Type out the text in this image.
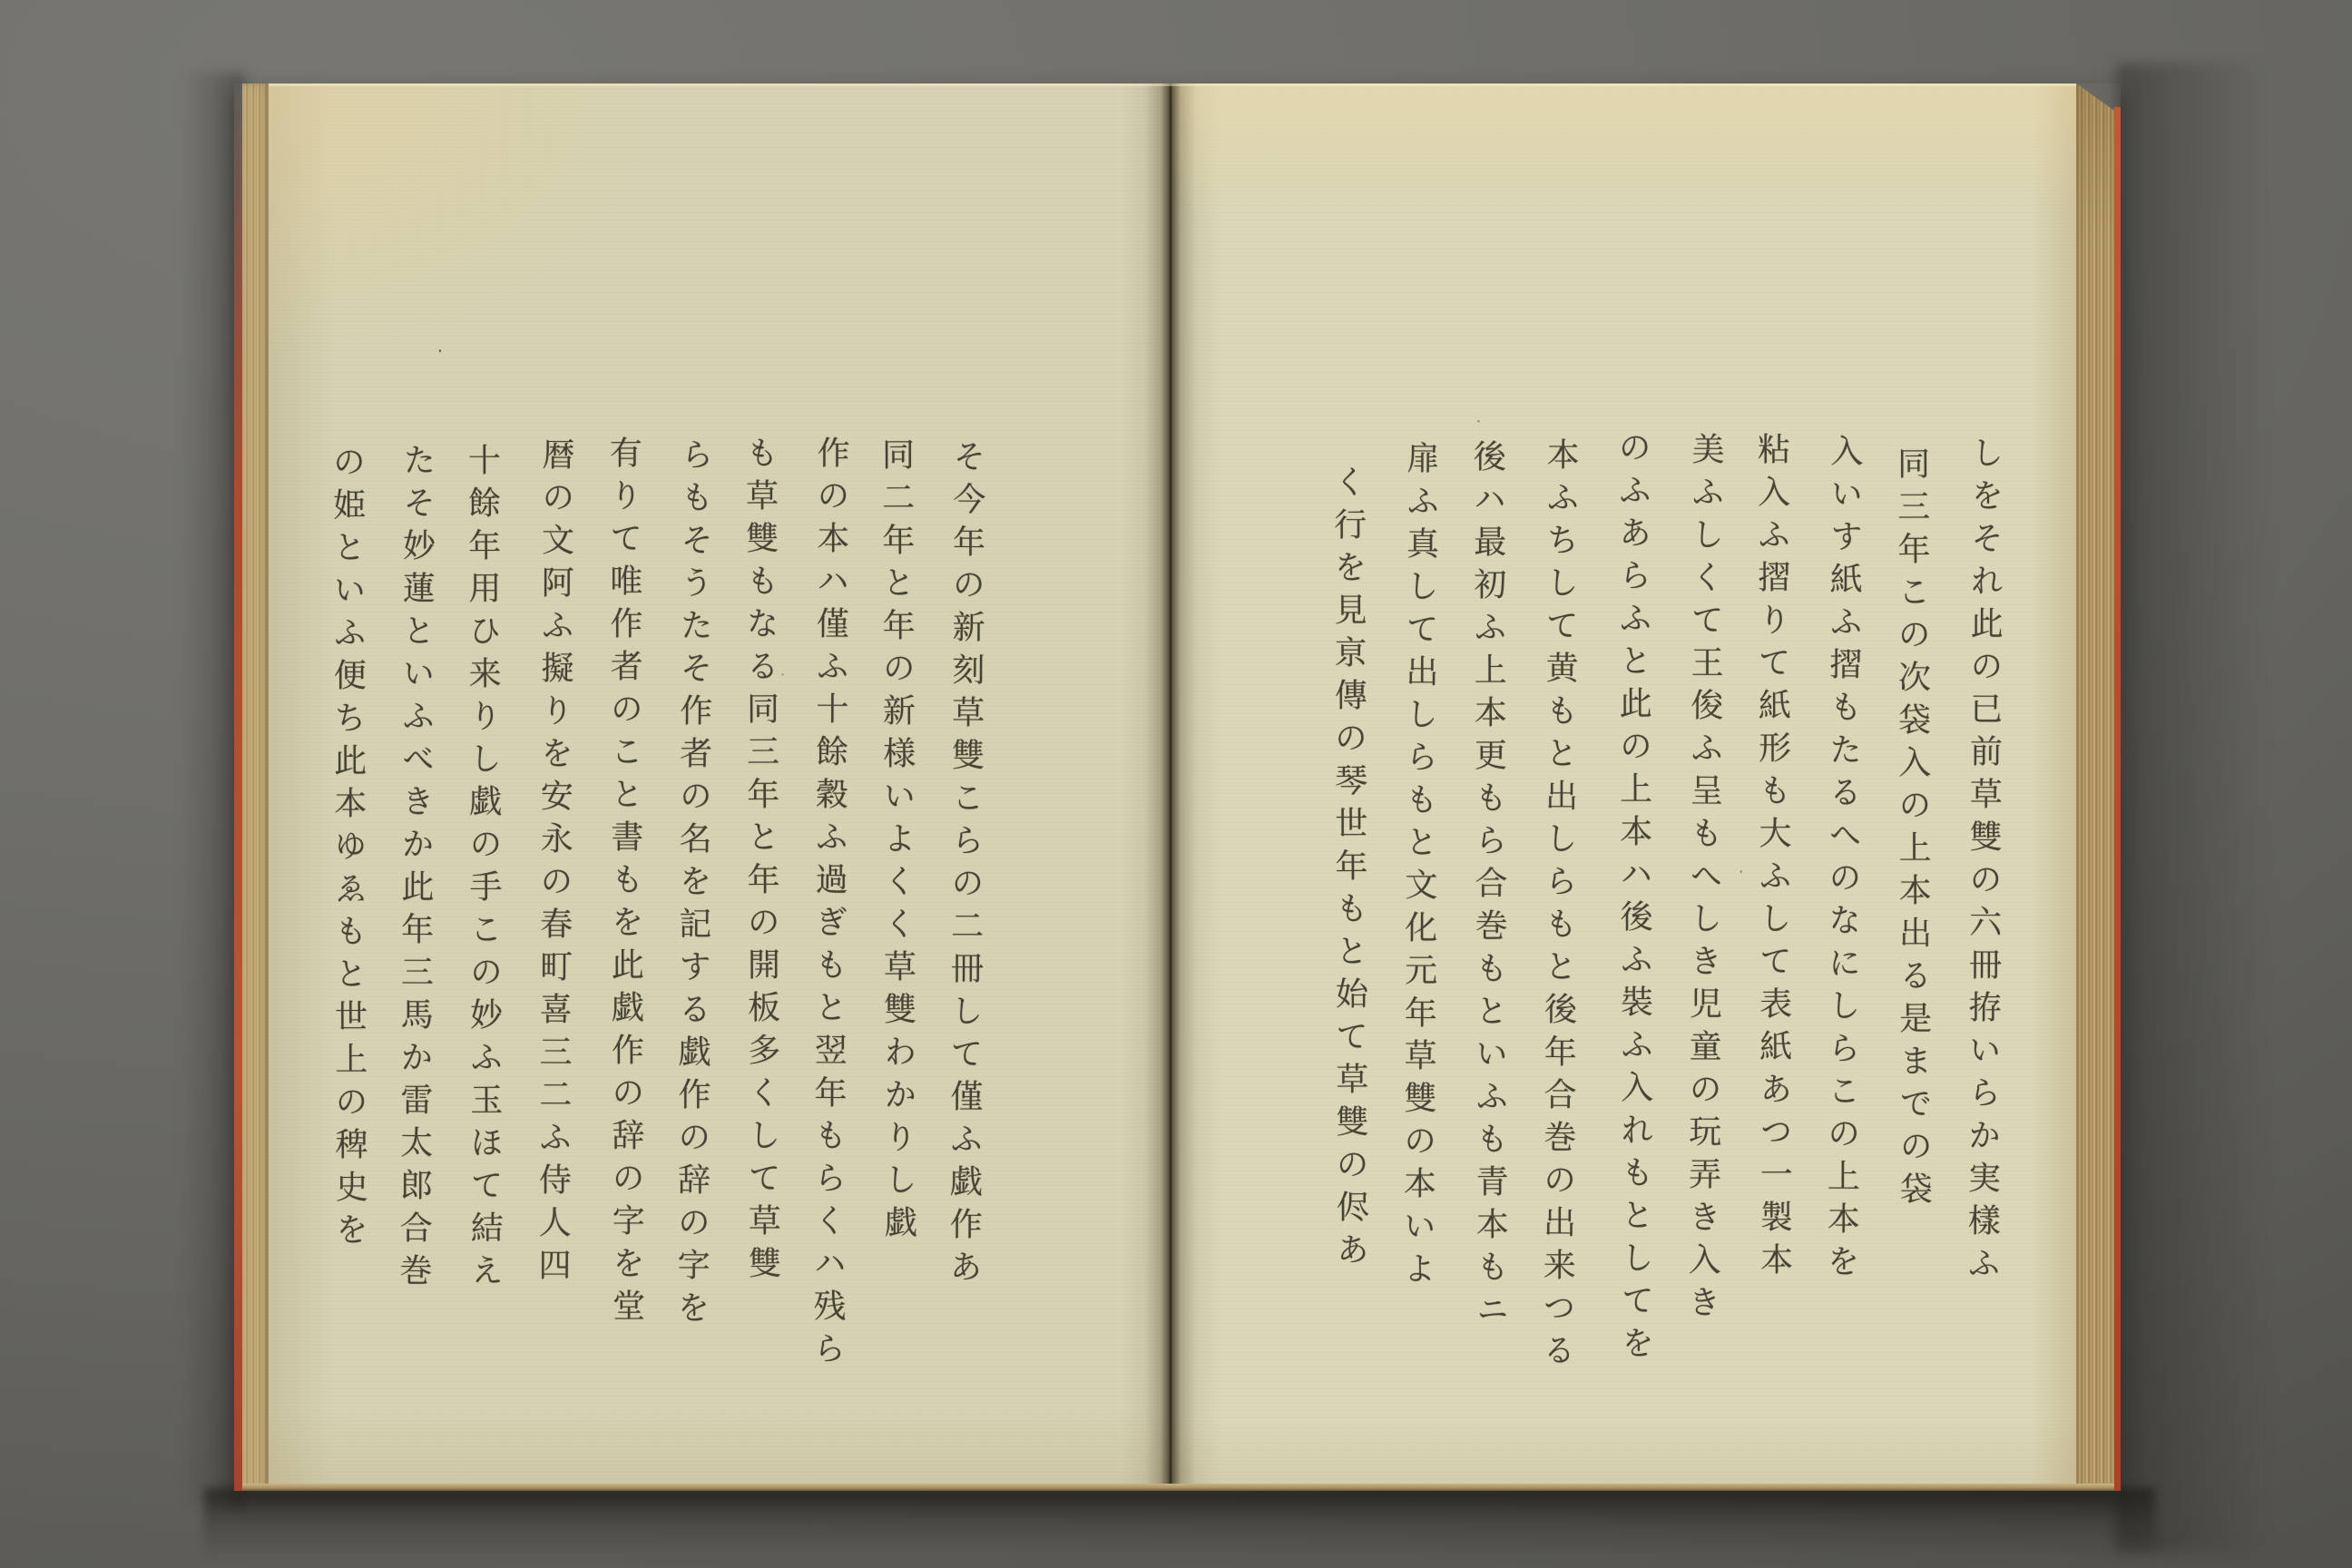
しをそれ此の已前草雙の六冊拵いらか実樣ふ
同三年この次袋入の上本出る是までの袋
入いす紙ふ摺もたるへのなにしらこの上本を
粘入ふ摺りて紙形も大ふして表紙あつ一製本
美ふしくて王俊ふ呈もへしき児童の玩弄き入き
のふあらふと此の上本ハ後ふ裝ふ入れもとしてを
本ふちして黄もと出しらもと後年合巻の出来つる
後ハ最初ふ上本更もら合巻もといふも青本もニ
扉ふ真して出しらもと文化元年草雙の本いよ
く行を見亰傳の琴世年もと始て草雙の侭あ
そ今年の新刻草雙こらの二冊して僅ふ戯作あ
同二年と年の新様いよくく草雙わかりし戯
作の本ハ僅ふ十餘穀ふ過ぎもと翌年もらくハ残ら
も草雙もなる同三年と年の開板多くして草雙
らもそうたそ作者の名を記する戯作の辞の字を
有りて唯作者のこと書もを此戯作の辞の字を堂
暦の文阿ふ擬りを安永の春町喜三二ふ侍人四
十餘年用ひ来りし戯の手この妙ふ玉ほて結え
たそ妙蓮といふべきか此年三馬か雷太郎合巻
の姫といふ便ち此本ゆゑもと世上の稗史を
